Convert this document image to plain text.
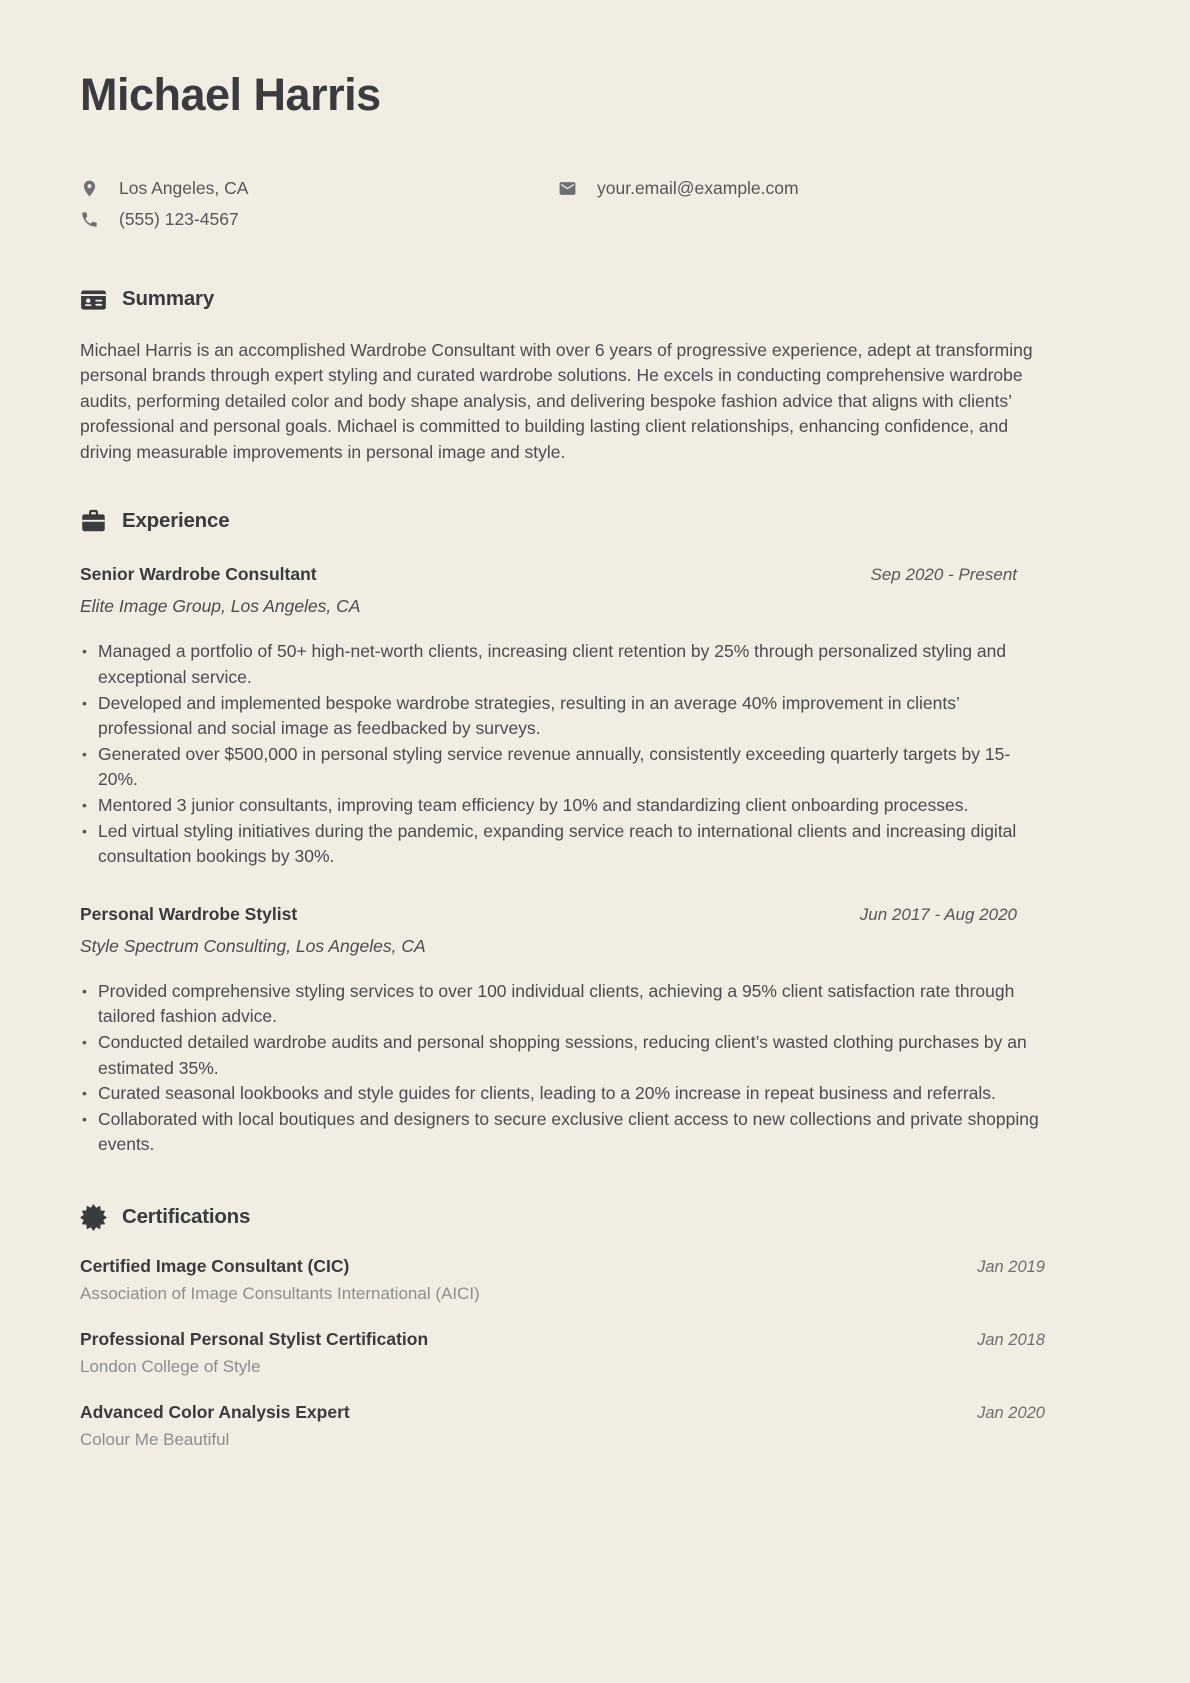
Michael Harris
Los Angeles, CA
(555) 123-4567
your.email@example.com
Summary

Michael Harris is an accomplished Wardrobe Consultant with over 6 years of progressive experience, adept at transforming personal brands through expert styling and curated wardrobe solutions. He excels in conducting comprehensive wardrobe audits, performing detailed color and body shape analysis, and delivering bespoke fashion advice that aligns with clients’ professional and personal goals. Michael is committed to building lasting client relationships, enhancing confidence, and driving measurable improvements in personal image and style.

Experience
Senior Wardrobe Consultant	Sep 2020 - Present
Elite Image Group, Los Angeles, CA
• Managed a portfolio of 50+ high-net-worth clients, increasing client retention by 25% through personalized styling and exceptional service.
• Developed and implemented bespoke wardrobe strategies, resulting in an average 40% improvement in clients’ professional and social image as feedbacked by surveys.
• Generated over $500,000 in personal styling service revenue annually, consistently exceeding quarterly targets by 15-20%.
• Mentored 3 junior consultants, improving team efficiency by 10% and standardizing client onboarding processes.
• Led virtual styling initiatives during the pandemic, expanding service reach to international clients and increasing digital consultation bookings by 30%.
Personal Wardrobe Stylist	Jun 2017 - Aug 2020
Style Spectrum Consulting, Los Angeles, CA
• Provided comprehensive styling services to over 100 individual clients, achieving a 95% client satisfaction rate through tailored fashion advice.
• Conducted detailed wardrobe audits and personal shopping sessions, reducing client’s wasted clothing purchases by an estimated 35%.
• Curated seasonal lookbooks and style guides for clients, leading to a 20% increase in repeat business and referrals.
• Collaborated with local boutiques and designers to secure exclusive client access to new collections and private shopping events.
Certifications
Certified Image Consultant (CIC)	Jan 2019
Association of Image Consultants International (AICI)
Professional Personal Stylist Certification	Jan 2018
London College of Style
Advanced Color Analysis Expert	Jan 2020
Colour Me Beautiful
